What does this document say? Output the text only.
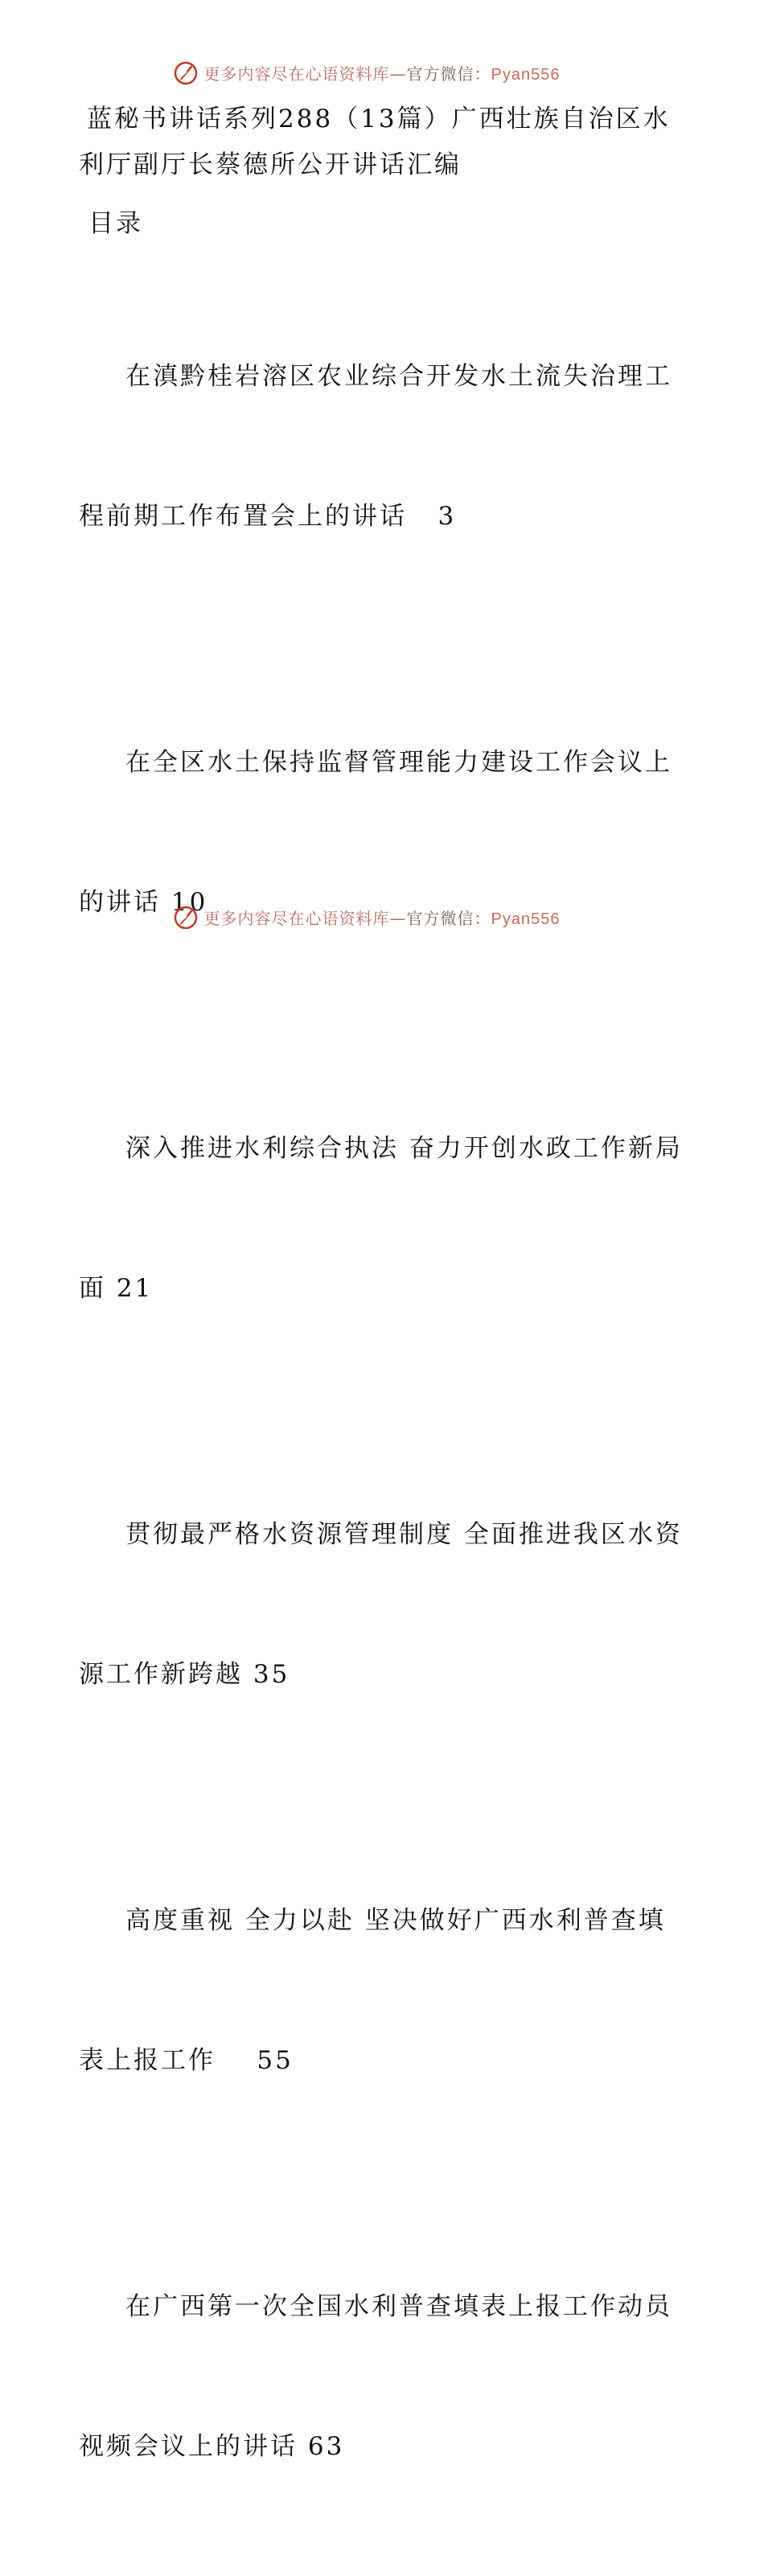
更多内容尽在心语资料库—官方微信：Pyan556
蓝秘书讲话系列288（13篇）广西壮族自治区水
利厅副厅长蔡德所公开讲话汇编
目录

在滇黔桂岩溶区农业综合开发水土流失治理工

程前期工作布置会上的讲话   3

在全区水土保持监督管理能力建设工作会议上

的讲话 10

深入推进水利综合执法 奋力开创水政工作新局

面 21

贯彻最严格水资源管理制度 全面推进我区水资

源工作新跨越 35

高度重视 全力以赴 坚决做好广西水利普查填

表上报工作    55

在广西第一次全国水利普查填表上报工作动员

视频会议上的讲话 63

更多内容尽在心语资料库—官方微信：Pyan556
